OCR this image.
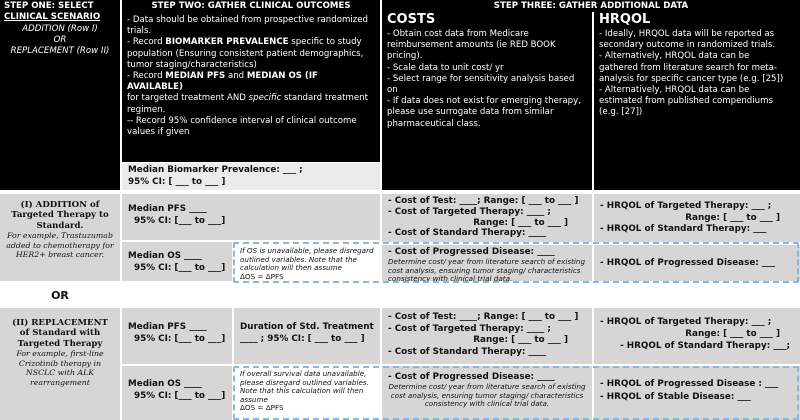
STEP ONE: SELECT
CLINICAL SCENARIO
ADDITION (Row I)
OR
REPLACEMENT (Row II)
STEP TWO: GATHER CLINICAL OUTCOMES
- Data should be obtained from prospective randomized
trials.
- Record BIOMARKER PREVALENCE specific to study
population (Ensuring consistent patient demographics,
tumor staging/characteristics)
- Record MEDIAN PFS and MEDIAN OS (IF AVAILABLE)
for targeted treatment AND specific standard treatment
regimen.
-- Record 95% confidence interval of clinical outcome
values if given
STEP THREE: GATHER ADDITIONAL DATA
COSTS
- Obtain cost data from Medicare
reimbursement amounts (ie RED BOOK
pricing).
- Scale data to unit cost/ yr
- Select range for sensitivity analysis based
on
- If data does not exist for emerging therapy,
please use surrogate data from similar
pharmaceutical class.
HRQOL
- Ideally, HRQOL data will be reported as
secondary outcome in randomized trials.
- Alternatively, HRQOL data can be
gathered from literature search for meta-
analysis for specific cancer type (e.g. [25])
- Alternatively, HRQOL data can be
estimated from published compendiums
(e.g. [27])
Median Biomarker Prevalence: ___ ;
95% CI: [ ___ to ___ ]
(I) ADDITION of
Targeted Therapy to
Standard.
For example, Trastuzumab
added to chemotherapy for
HER2+ breast cancer.
Median PFS ____
95% CI: [___ to ___]
Median OS ____
95% CI: [___ to ___]
If OS is unavailable, please disregard
outlined variables. Note that the
calculation will then assume
ΔOS = ΔPFS
- Cost of Test: ____; Range: [ ___ to ___ ]
- Cost of Targeted Therapy: ____ ;
Range: [ ___ to ___ ]
- Cost of Standard Therapy: ____
- Cost of Progressed Disease: ____
Determine cost/ year from literature search of existing
cost analysis, ensuring tumor staging/ characteristics
consistency with clinical trial data.
- HRQOL of Targeted Therapy: ___ ;
Range: [ ___ to ___ ]
- HRQOL of Standard Therapy: ___
- HRQOL of Progressed Disease: ___
OR
(II) REPLACEMENT
of Standard with
Targeted Therapy
For example, first-line
Crizotinib therapy in
NSCLC with ALK
rearrangement
Median PFS ____
95% CI: [___ to ___]
Duration of Std. Treatment
____ ; 95% CI: [ ___ to ___ ]
Median OS ____
95% CI: [___ to ___]
If overall survival data unavailable,
please disregard outlined variables.
Note that this calculation will then
assume
ΔOS = ΔPFS
- Cost of Test: ____; Range: [ ___ to ___ ]
- Cost of Targeted Therapy: ____ ;
Range: [ ___ to ___ ]
- Cost of Standard Therapy: ____
- Cost of Progressed Disease: ____
Determine cost/ year from literature search of existing
cost analysis, ensuring tumor staging/ characteristics
consistency with clinical trial data.
- HRQOL of Targeted Therapy: ___ ;
Range: [ ___ to ___ ]
- HRQOL of Standard Therapy: ___;
- HRQOL of Progressed Disease : ___
- HRQOL of Stable Disease: ___
